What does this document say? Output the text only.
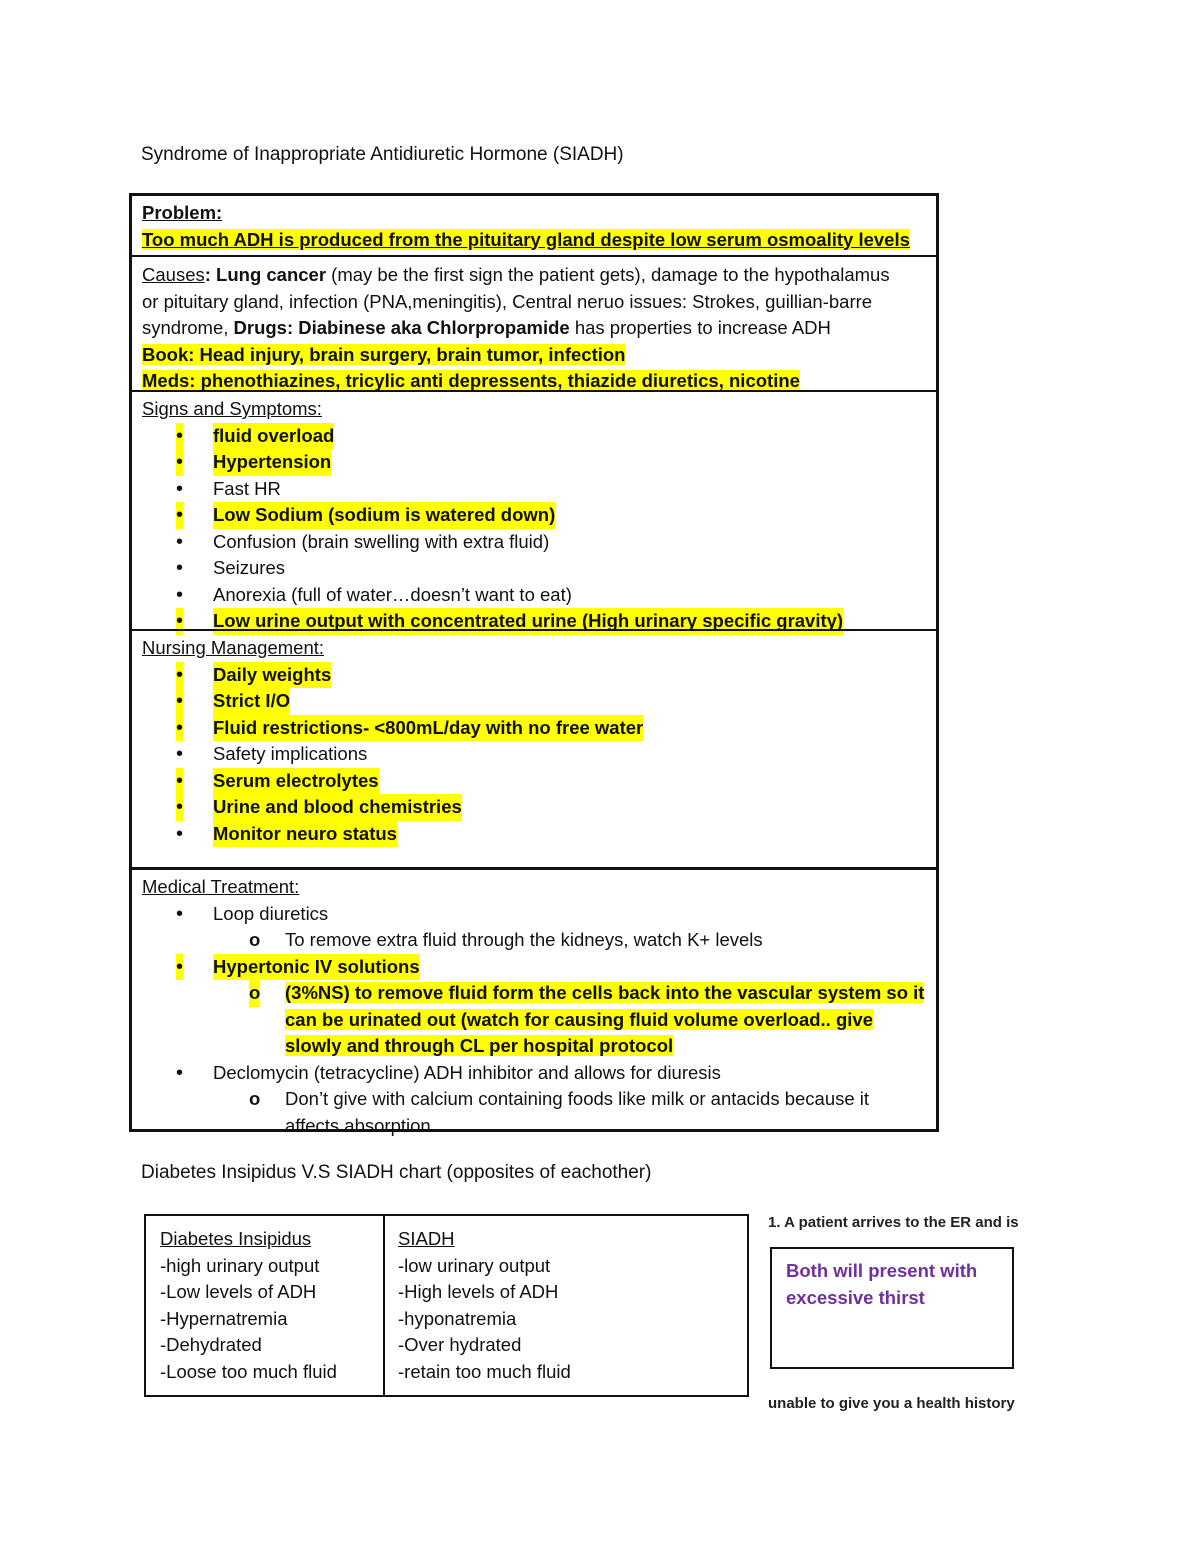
Syndrome of Inappropriate Antidiuretic Hormone (SIADH)
Problem:
Too much ADH is produced from the pituitary gland despite low serum osmoality levels
Causes: Lung cancer (may be the first sign the patient gets), damage to the hypothalamus
or pituitary gland, infection (PNA,meningitis), Central neruo issues: Strokes, guillian-barre
syndrome, Drugs: Diabinese aka Chlorpropamide has properties to increase ADH
Book: Head injury, brain surgery, brain tumor, infection
Meds: phenothiazines, tricylic anti depressents, thiazide diuretics, nicotine
Signs and Symptoms:
• fluid overload
• Hypertension
• Fast HR
• Low Sodium (sodium is watered down)
• Confusion (brain swelling with extra fluid)
• Seizures
• Anorexia (full of water…doesn’t want to eat)
• Low urine output with concentrated urine (High urinary specific gravity)
Nursing Management:
• Daily weights
• Strict I/O
• Fluid restrictions- <800mL/day with no free water
• Safety implications
• Serum electrolytes
• Urine and blood chemistries
• Monitor neuro status
Medical Treatment:
• Loop diuretics
o To remove extra fluid through the kidneys, watch K+ levels
• Hypertonic IV solutions
o (3%NS) to remove fluid form the cells back into the vascular system so it
can be urinated out (watch for causing fluid volume overload.. give
slowly and through CL per hospital protocol
• Declomycin (tetracycline) ADH inhibitor and allows for diuresis
o Don’t give with calcium containing foods like milk or antacids because it
affects absorption
Diabetes Insipidus V.S SIADH chart (opposites of eachother)
Diabetes Insipidus
-high urinary output
-Low levels of ADH
-Hypernatremia
-Dehydrated
-Loose too much fluid
SIADH
-low urinary output
-High levels of ADH
-hyponatremia
-Over hydrated
-retain too much fluid
1. A patient arrives to the ER and is
Both will present with excessive thirst
unable to give you a health history
